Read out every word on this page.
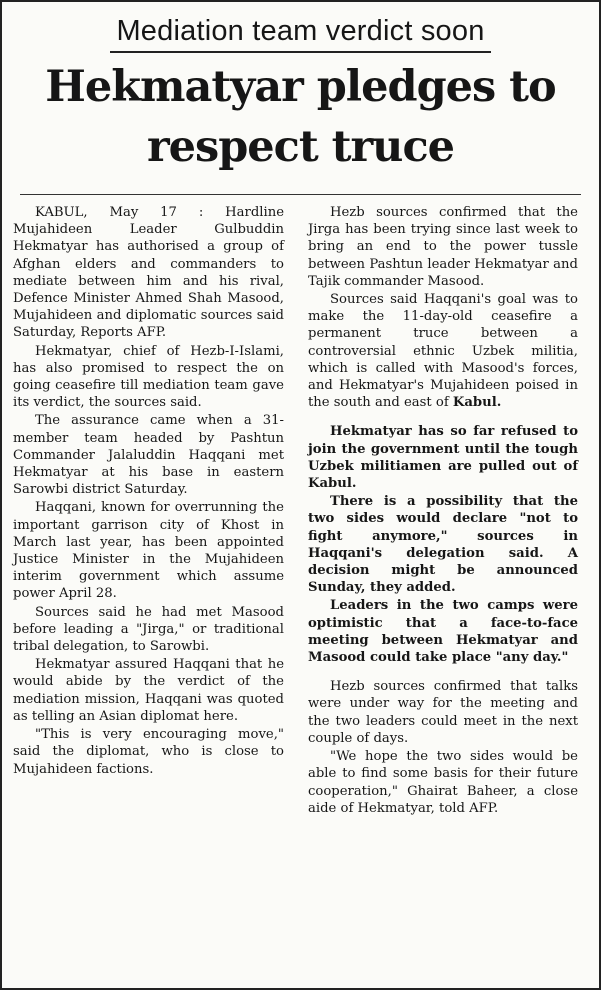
Mediation team verdict soon
Hekmatyar pledges to
respect truce

KABUL, May 17 : Hardline Mujahideen Leader Gulbuddin Hekmatyar has authorised a group of Afghan elders and commanders to mediate between him and his rival, Defence Minister Ahmed Shah Masood, Mujahideen and diplomatic sources said Saturday, Reports AFP.

Hekmatyar, chief of Hezb-I-Islami, has also promised to respect the on going ceasefire till mediation team gave its verdict, the sources said.

The assurance came when a 31-member team headed by Pashtun Commander Jalaluddin Haqqani met Hekmatyar at his base in eastern Sarowbi district Saturday.

Haqqani, known for overrunning the important garrison city of Khost in March last year, has been appointed Justice Minister in the Mujahideen interim government which assume power April 28.

Sources said he had met Masood before leading a "Jirga," or traditional tribal delegation, to Sarowbi.

Hekmatyar assured Haqqani that he would abide by the verdict of the mediation mission, Haqqani was quoted as telling an Asian diplomat here.

"This is very encouraging move," said the diplomat, who is close to Mujahideen factions.

Hezb sources confirmed that the Jirga has been trying since last week to bring an end to the power tussle between Pashtun leader Hekmatyar and Tajik commander Masood.

Sources said Haqqani's goal was to make the 11-day-old ceasefire a permanent truce between a controversial ethnic Uzbek militia, which is called with Masood's forces, and Hekmatyar's Mujahideen poised in the south and east of Kabul.

Hekmatyar has so far refused to join the government until the tough Uzbek militiamen are pulled out of Kabul.

There is a possibility that the two sides would declare "not to fight anymore," sources in Haqqani's delegation said. A decision might be announced Sunday, they added.

Leaders in the two camps were optimistic that a face-to-face meeting between Hekmatyar and Masood could take place "any day."

Hezb sources confirmed that talks were under way for the meeting and the two leaders could meet in the next couple of days.

"We hope the two sides would be able to find some basis for their future cooperation," Ghairat Baheer, a close aide of Hekmatyar, told AFP.
